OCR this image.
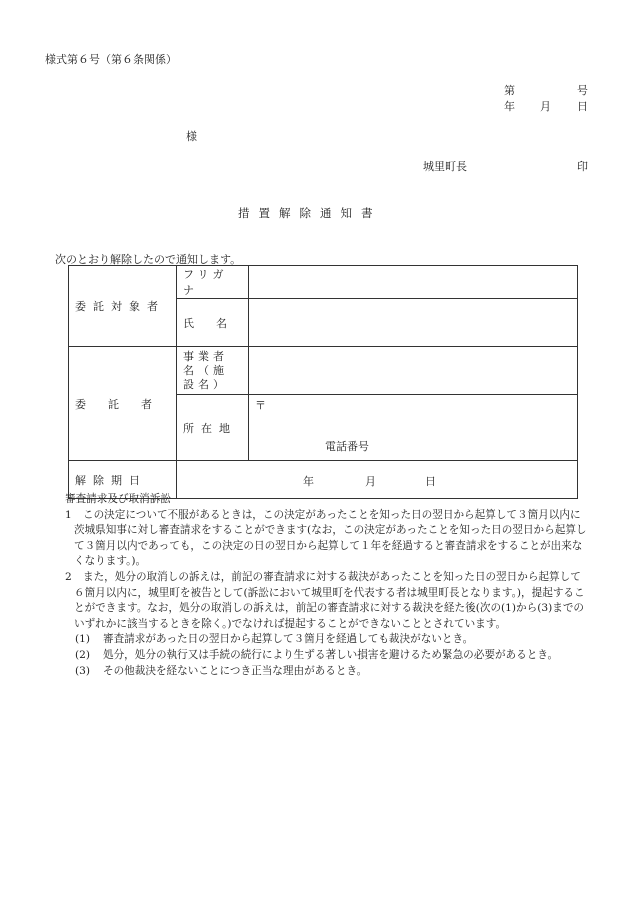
様式第６号（第６条関係）
第	号
年 月 日
様
城里町長	印
措置解除通知書
次のとおり解除したので通知します。
委託対象者	フリガナ	
	氏　　名	
委　　託　　者	事業者名（施設名）	
	所在地	〒
電話番号

解除期日	年 月 日	

審査請求及び取消訴訟

1 この決定について不服があるときは，この決定があったことを知った日の翌日から起算して３箇月以内に茨城県知事に対し審査請求をすることができます(なお，この決定があったことを知った日の翌日から起算して３箇月以内であっても，この決定の日の翌日から起算して１年を経過すると審査請求をすることが出来なくなります。)。

2 また，処分の取消しの訴えは，前記の審査請求に対する裁決があったことを知った日の翌日から起算して６箇月以内に，城里町を被告として(訴訟において城里町を代表する者は城里町長となります。)，提起することができます。なお，処分の取消しの訴えは，前記の審査請求に対する裁決を経た後(次の(1)から(3)までのいずれかに該当するときを除く。)でなければ提起することができないこととされています。

(1) 審査請求があった日の翌日から起算して３箇月を経過しても裁決がないとき。

(2) 処分，処分の執行又は手続の続行により生ずる著しい損害を避けるため緊急の必要があるとき。

(3) その他裁決を経ないことにつき正当な理由があるとき。
